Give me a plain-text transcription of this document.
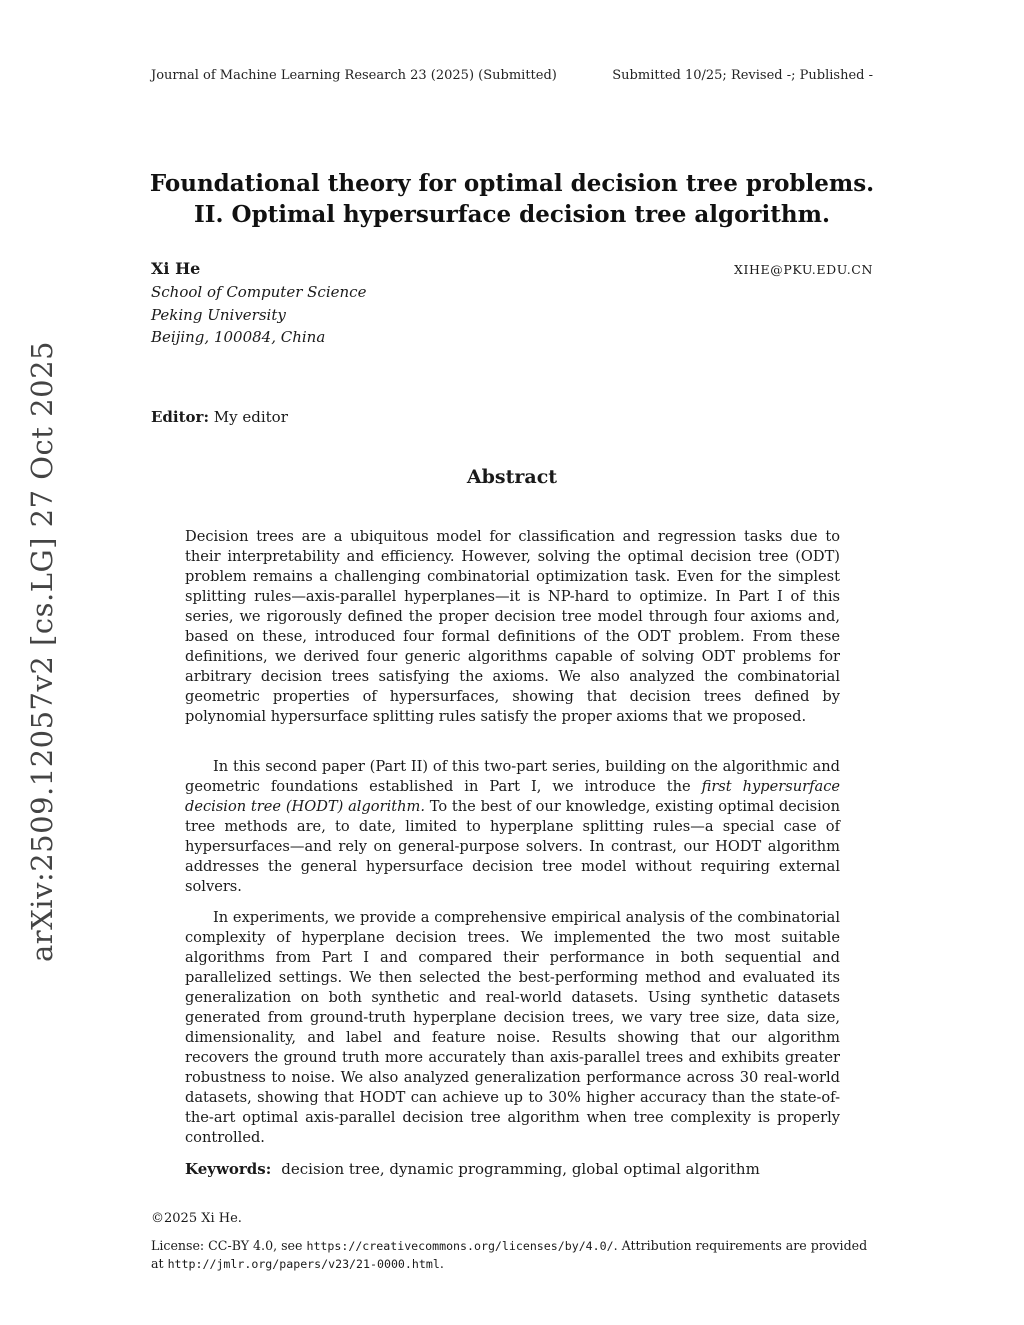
Journal of Machine Learning Research 23 (2025) (Submitted)	Submitted 10/25; Revised -; Published -
arXiv:2509.12057v2 [cs.LG] 27 Oct 2025
Foundational theory for optimal decision tree problems.
II. Optimal hypersurface decision tree algorithm.
Xi He	XIHE@PKU.EDU.CN
School of Computer Science
Peking University
Beijing, 100084, China
Editor: My editor
Abstract
Decision trees are a ubiquitous model for classification and regression tasks due to their interpretability and efficiency. However, solving the optimal decision tree (ODT) problem remains a challenging combinatorial optimization task. Even for the simplest splitting rules—axis-parallel hyperplanes—it is NP-hard to optimize. In Part I of this series, we rigorously defined the proper decision tree model through four axioms and, based on these, introduced four formal definitions of the ODT problem. From these definitions, we derived four generic algorithms capable of solving ODT problems for arbitrary decision trees satisfying the axioms. We also analyzed the combinatorial geometric properties of hypersurfaces, showing that decision trees defined by polynomial hypersurface splitting rules satisfy the proper axioms that we proposed.
In this second paper (Part II) of this two-part series, building on the algorithmic and geometric foundations established in Part I, we introduce the first hypersurface decision tree (HODT) algorithm. To the best of our knowledge, existing optimal decision tree methods are, to date, limited to hyperplane splitting rules—a special case of hypersurfaces—and rely on general-purpose solvers. In contrast, our HODT algorithm addresses the general hypersurface decision tree model without requiring external solvers.
In experiments, we provide a comprehensive empirical analysis of the combinatorial complexity of hyperplane decision trees. We implemented the two most suitable algorithms from Part I and compared their performance in both sequential and parallelized settings. We then selected the best-performing method and evaluated its generalization on both synthetic and real-world datasets. Using synthetic datasets generated from ground-truth hyperplane decision trees, we vary tree size, data size, dimensionality, and label and feature noise. Results showing that our algorithm recovers the ground truth more accurately than axis-parallel trees and exhibits greater robustness to noise. We also analyzed generalization performance across 30 real-world datasets, showing that HODT can achieve up to 30% higher accuracy than the state-of-the-art optimal axis-parallel decision tree algorithm when tree complexity is properly controlled.
Keywords: decision tree, dynamic programming, global optimal algorithm
©2025 Xi He.
License: CC-BY 4.0, see https://creativecommons.org/licenses/by/4.0/. Attribution requirements are provided at http://jmlr.org/papers/v23/21-0000.html.
